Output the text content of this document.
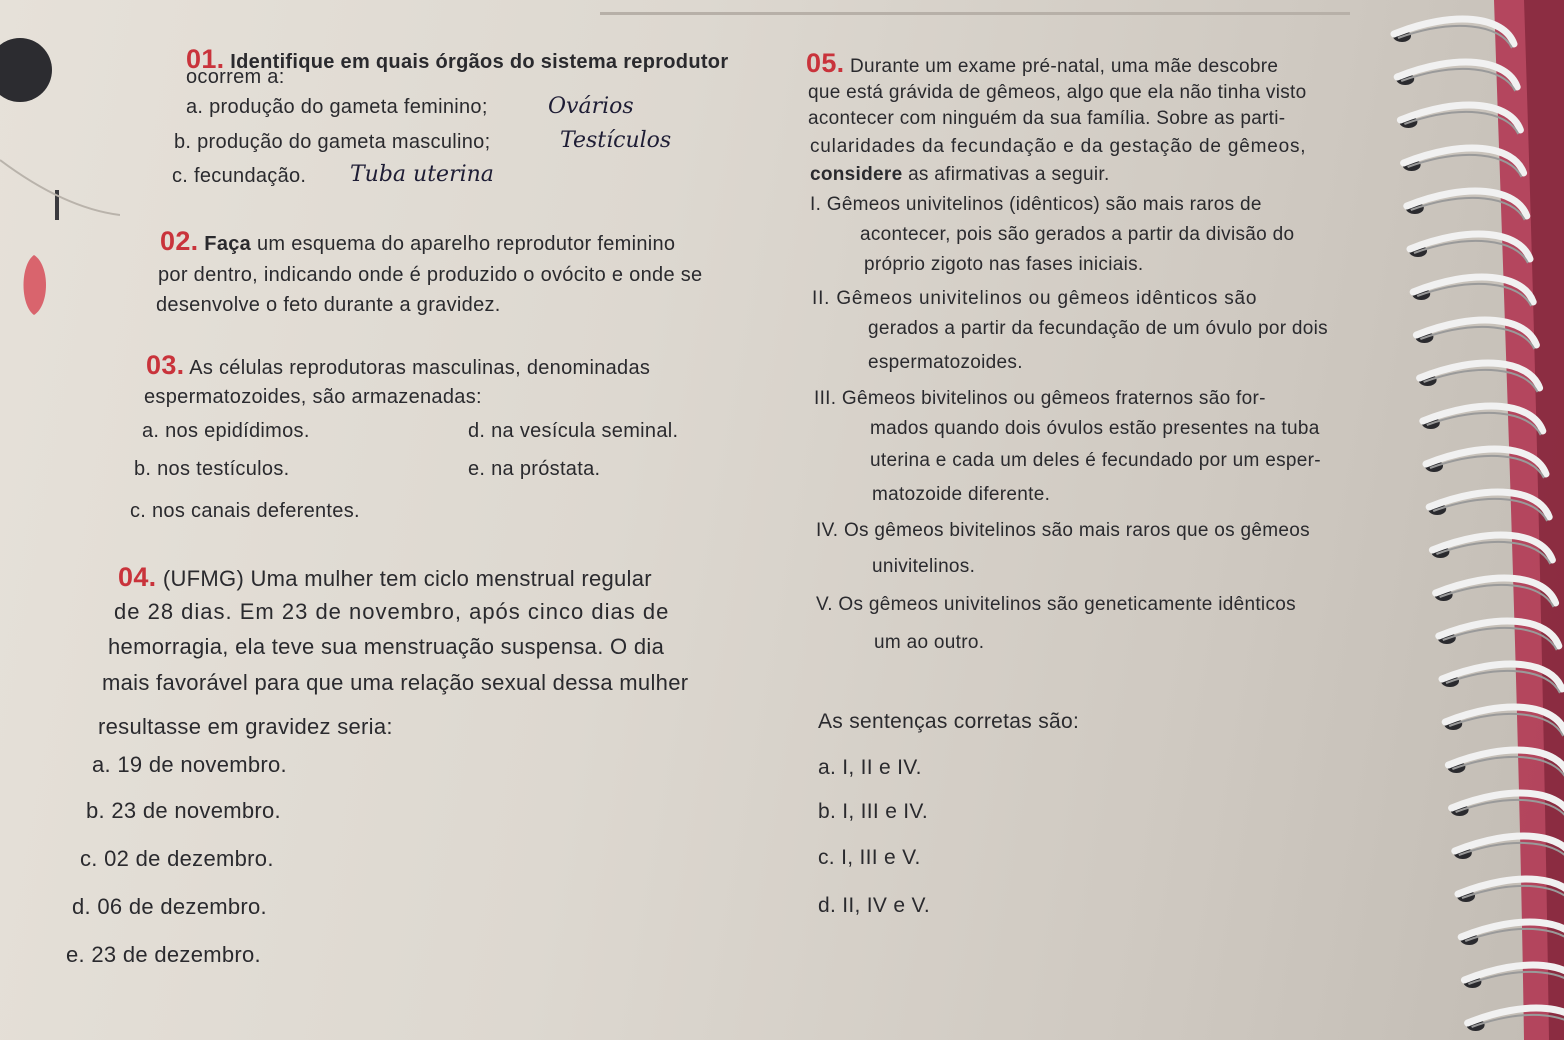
01. Identifique em quais órgãos do sistema reprodutor
ocorrem a:
a. produção do gameta feminino;	Ovários
b. produção do gameta masculino;	Testículos
c. fecundação. Tuba uterina
02. Faça um esquema do aparelho reprodutor feminino
por dentro, indicando onde é produzido o ovócito e onde se
desenvolve o feto durante a gravidez.
03. As células reprodutoras masculinas, denominadas
espermatozoides, são armazenadas:
a. nos epidídimos.	d. na vesícula seminal.
b. nos testículos.	e. na próstata.
c. nos canais deferentes.
04. (UFMG) Uma mulher tem ciclo menstrual regular
de 28 dias. Em 23 de novembro, após cinco dias de
hemorragia, ela teve sua menstruação suspensa. O dia
mais favorável para que uma relação sexual dessa mulher
resultasse em gravidez seria:
a. 19 de novembro.
b. 23 de novembro.
c. 02 de dezembro.
d. 06 de dezembro.
e. 23 de dezembro.
05. Durante um exame pré-natal, uma mãe descobre
que está grávida de gêmeos, algo que ela não tinha visto
acontecer com ninguém da sua família. Sobre as parti-
cularidades da fecundação e da gestação de gêmeos,
considere as afirmativas a seguir.
I. Gêmeos univitelinos (idênticos) são mais raros de
acontecer, pois são gerados a partir da divisão do
próprio zigoto nas fases iniciais.
II. Gêmeos univitelinos ou gêmeos idênticos são
gerados a partir da fecundação de um óvulo por dois
espermatozoides.
III. Gêmeos bivitelinos ou gêmeos fraternos são for-
mados quando dois óvulos estão presentes na tuba
uterina e cada um deles é fecundado por um esper-
matozoide diferente.
IV. Os gêmeos bivitelinos são mais raros que os gêmeos
univitelinos.
V. Os gêmeos univitelinos são geneticamente idênticos
um ao outro.
As sentenças corretas são:
a. I, II e IV.
b. I, III e IV.
c. I, III e V.
d. II, IV e V.
